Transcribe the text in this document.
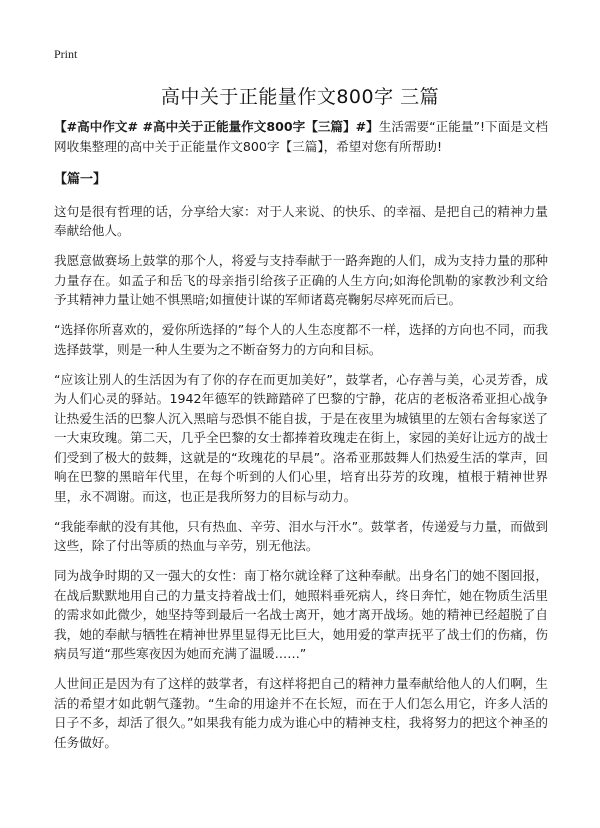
Print
高中关于正能量作文800字 三篇

【#高中作文# #高中关于正能量作文800字【三篇】#】生活需要“正能量”!下面是文档网收集整理的高中关于正能量作文800字【三篇】，希望对您有所帮助!

【篇一】

这句是很有哲理的话，分享给大家：对于人来说、的快乐、的幸福、是把自己的精神力量奉献给他人。

我愿意做赛场上鼓掌的那个人，将爱与支持奉献于一路奔跑的人们，成为支持力量的那种力量存在。如孟子和岳飞的母亲指引给孩子正确的人生方向;如海伦凯勒的家教沙利文给予其精神力量让她不惧黑暗;如擅使计谋的军师诸葛亮鞠躬尽瘁死而后已。

“选择你所喜欢的，爱你所选择的”每个人的人生态度都不一样，选择的方向也不同，而我选择鼓掌，则是一种人生要为之不断奋努力的方向和目标。

“应该让别人的生活因为有了你的存在而更加美好”，鼓掌者，心存善与美，心灵芳香，成为人们心灵的驿站。1942年德军的铁蹄踏碎了巴黎的宁静，花店的老板洛希亚担心战争让热爱生活的巴黎人沉入黑暗与恐惧不能自拔，于是在夜里为城镇里的左领右舍每家送了一大束玫瑰。第二天，几乎全巴黎的女士都捧着玫瑰走在街上，家园的美好让远方的战士们受到了极大的鼓舞，这就是的“玫瑰花的早晨”。洛希亚那鼓舞人们热爱生活的掌声，回响在巴黎的黑暗年代里，在每个听到的人们心里，培育出芬芳的玫瑰，植根于精神世界里，永不凋谢。而这，也正是我所努力的目标与动力。

“我能奉献的没有其他，只有热血、辛劳、泪水与汗水”。鼓掌者，传递爱与力量，而做到这些，除了付出等质的热血与辛劳，别无他法。

同为战争时期的又一强大的女性：南丁格尔就诠释了这种奉献。出身名门的她不图回报，在战后默默地用自己的力量支持着战士们，她照料垂死病人，终日奔忙，她在物质生活里的需求如此微少，她坚持等到最后一名战士离开，她才离开战场。她的精神已经超脱了自我，她的奉献与牺牲在精神世界里显得无比巨大，她用爱的掌声抚平了战士们的伤痛，伤病员写道“那些寒夜因为她而充满了温暖……”

人世间正是因为有了这样的鼓掌者，有这样将把自己的精神力量奉献给他人的人们啊，生活的希望才如此朝气蓬勃。“生命的用途并不在长短，而在于人们怎么用它，许多人活的日子不多，却活了很久。”如果我有能力成为谁心中的精神支柱，我将努力的把这个神圣的任务做好。
